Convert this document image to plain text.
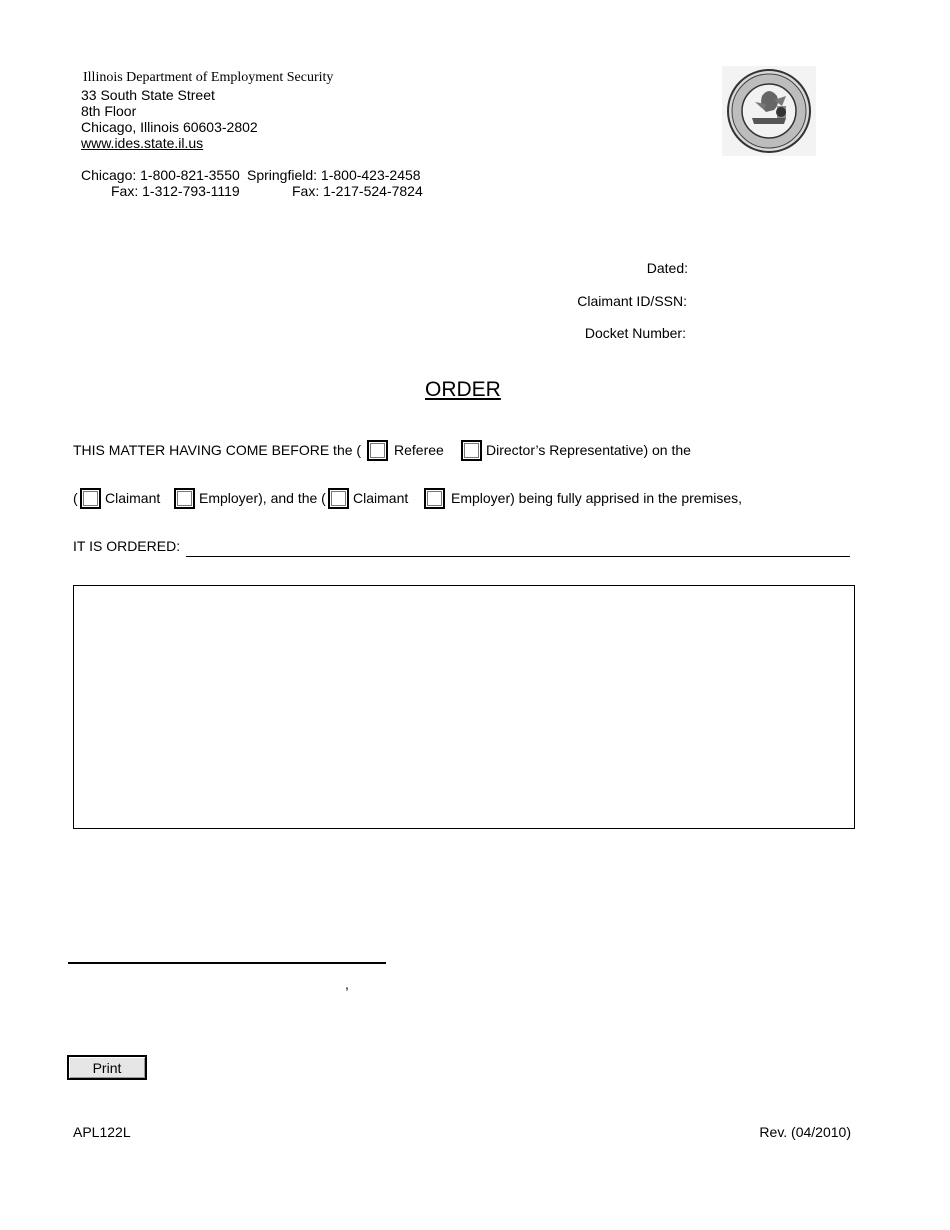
Illinois Department of Employment Security
33 South State Street
8th Floor
Chicago, Illinois 60603-2802
www.ides.state.il.us
Chicago: 1-800-821-3550 Springfield: 1-800-423-2458
Fax: 1-312-793-1119	Fax: 1-217-524-7824
Dated:
Claimant ID/SSN:
Docket Number:
ORDER
THIS MATTER HAVING COME BEFORE the ( Referee	Director’s Representative) on the
( Claimant	Employer), and the ( Claimant	Employer) being fully apprised in the premises,
IT IS ORDERED:
,
Print
APL122L	Rev. (04/2010)
